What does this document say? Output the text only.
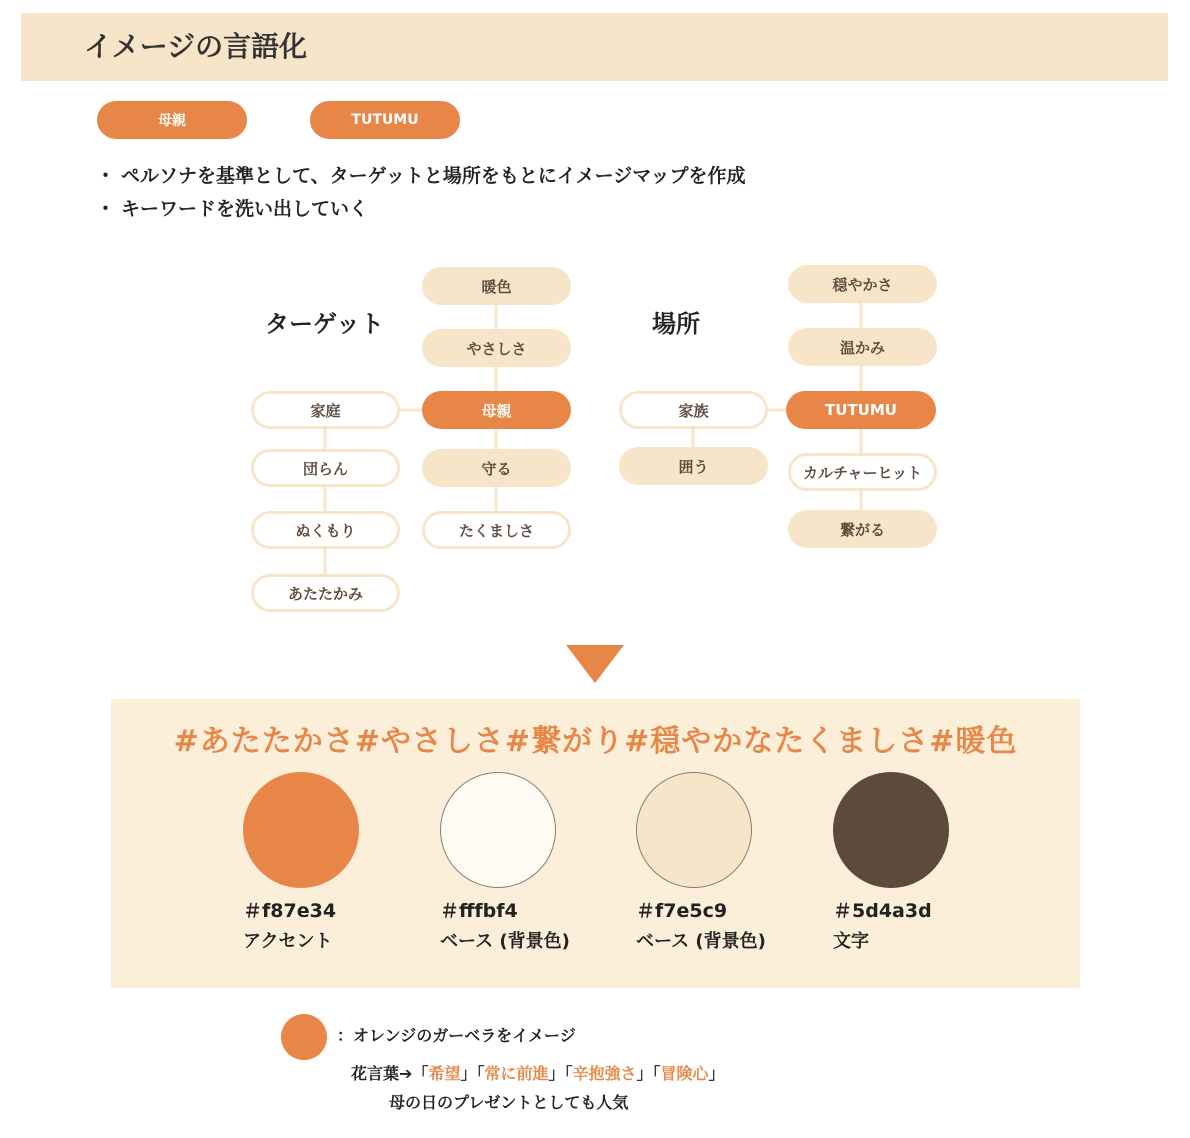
イメージの言語化
母親	TUTUMU
・ ペルソナを基準として、ターゲットと場所をもとにイメージマップを作成
・ キーワードを洗い出していく
ターゲット
暖色
やさしさ
母親
守る
たくましさ
家庭
団らん
ぬくもり
あたたかみ
場所
穏やかさ
温かみ
TUTUMU
カルチャーヒット
繋がる
家族
囲う
#あたたかさ#やさしさ#繋がり#穏やかなたくましさ#暖色
＃f87e34
アクセント
＃fffbf4
ベース (背景色)
＃f7e5c9
ベース (背景色)
＃5d4a3d
文字
：オレンジのガーベラをイメージ
花言葉➔「希望」「常に前進」「辛抱強さ」「冒険心」
母の日のプレゼントとしても人気
